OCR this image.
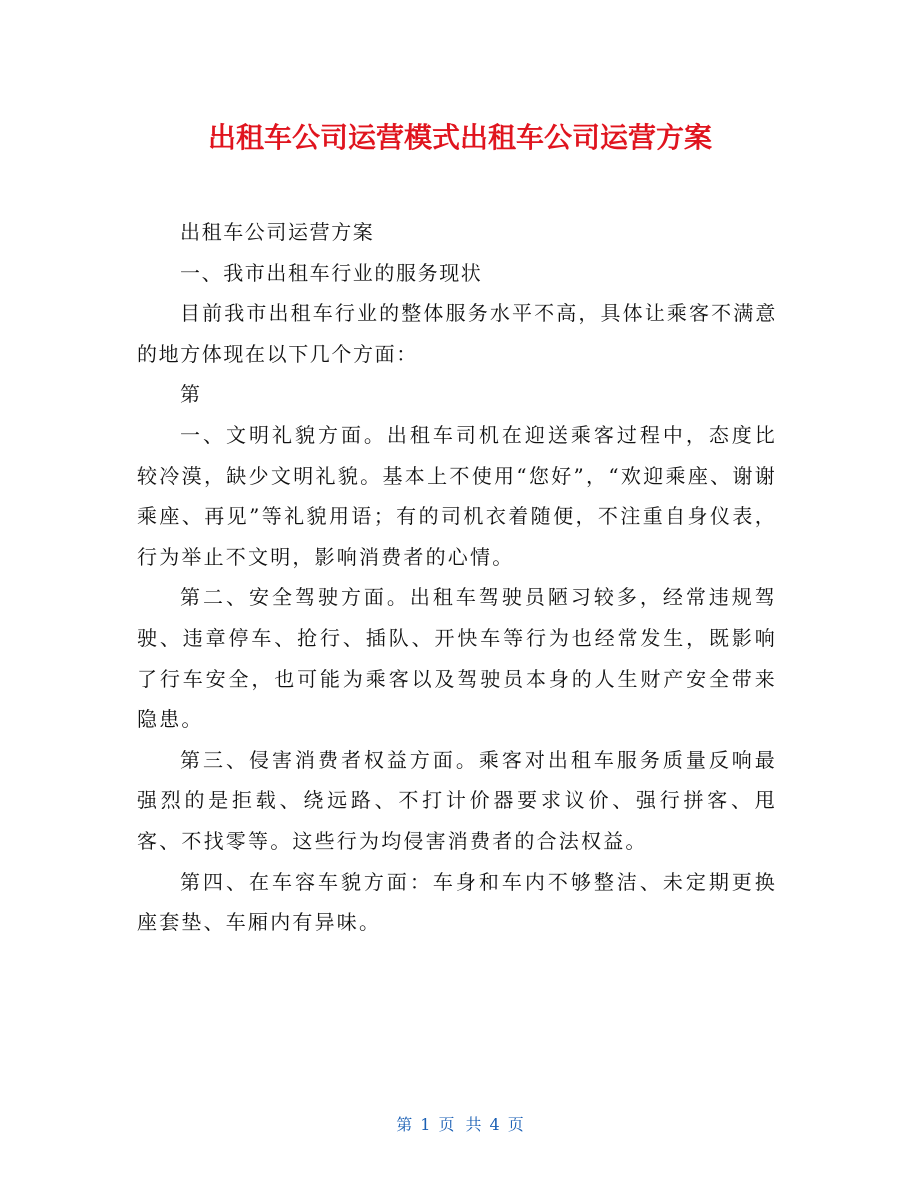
出租车公司运营模式出租车公司运营方案

出租车公司运营方案

一、我市出租车行业的服务现状

目前我市出租车行业的整体服务水平不高，具体让乘客不满意的地方体现在以下几个方面：

第

一、文明礼貌方面。出租车司机在迎送乘客过程中，态度比较冷漠，缺少文明礼貌。基本上不使用“您好”，“欢迎乘座、谢谢乘座、再见”等礼貌用语；有的司机衣着随便，不注重自身仪表，行为举止不文明，影响消费者的心情。

第二、安全驾驶方面。出租车驾驶员陋习较多，经常违规驾驶、违章停车、抢行、插队、开快车等行为也经常发生，既影响了行车安全，也可能为乘客以及驾驶员本身的人生财产安全带来隐患。

第三、侵害消费者权益方面。乘客对出租车服务质量反响最强烈的是拒载、绕远路、不打计价器要求议价、强行拼客、甩客、不找零等。这些行为均侵害消费者的合法权益。

第四、在车容车貌方面：车身和车内不够整洁、未定期更换座套垫、车厢内有异味。

第 1 页 共 4 页
